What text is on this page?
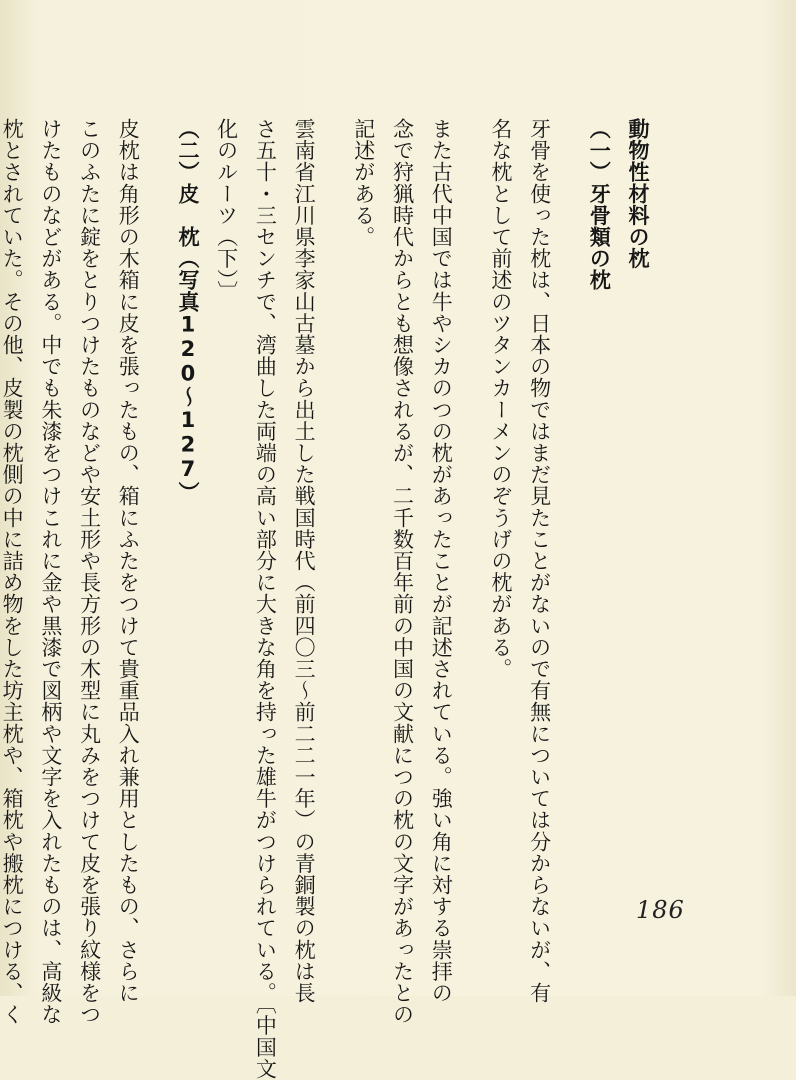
動物性材料の枕
（一）牙骨類の枕
牙骨を使った枕は、日本の物ではまだ見たことがないので有無については分からないが、有
名な枕として前述のツタンカーメンのぞうげの枕がある。
また古代中国では牛やシカのつの枕があったことが記述されている。強い角に対する崇拝の
念で狩猟時代からとも想像されるが、二千数百年前の中国の文献につの枕の文字があったとの
記述がある。
雲南省江川県李家山古墓から出土した戦国時代（前四〇三〜前二二一年）の青銅製の枕は長
さ五十・三センチで、湾曲した両端の高い部分に大きな角を持った雄牛がつけられている。〔中国文
化のルーツ（下）〕
（二）皮　枕（写真120〜127）
皮枕は角形の木箱に皮を張ったもの、箱にふたをつけて貴重品入れ兼用としたもの、さらに
このふたに錠をとりつけたものなどや安土形や長方形の木型に丸みをつけて皮を張り紋様をつ
けたものなどがある。中でも朱漆をつけこれに金や黒漆で図柄や文字を入れたものは、高級な
枕とされていた。その他、皮製の枕側の中に詰め物をした坊主枕や、箱枕や搬枕につける、く	186
